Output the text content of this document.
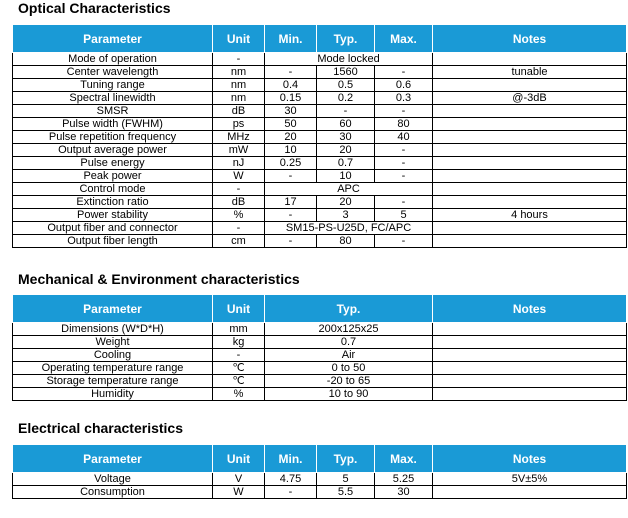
Optical Characteristics
Parameter	Unit	Min.	Typ.	Max.	Notes
Mode of operation	-	Mode locked			
Center wavelength	nm	-	1560	-	tunable
Tuning range	nm	0.4	0.5	0.6	
Spectral linewidth	nm	0.15	0.2	0.3	@-3dB
SMSR	dB	30	-	-	
Pulse width (FWHM)	ps	50	60	80	
Pulse repetition frequency	MHz	20	30	40	
Output average power	mW	10	20	-	
Pulse energy	nJ	0.25	0.7	-	
Peak power	W	-	10	-	
Control mode	-	APC			
Extinction ratio	dB	17	20	-	
Power stability	%	-	3	5	4 hours
Output fiber and connector	-	SM15-PS-U25D, FC/APC			
Output fiber length	cm	-	80	-	
Mechanical & Environment characteristics
Parameter	Unit	Typ.	Notes
Dimensions (W*D*H)	mm	200x125x25	
Weight	kg	0.7	
Cooling	-	Air	
Operating temperature range	℃	0 to 50	
Storage temperature range	℃	-20 to 65	
Humidity	%	10 to 90	
Electrical characteristics
Parameter	Unit	Min.	Typ.	Max.	Notes
Voltage	V	4.75	5	5.25	5V±5%
Consumption	W	-	5.5	30	
